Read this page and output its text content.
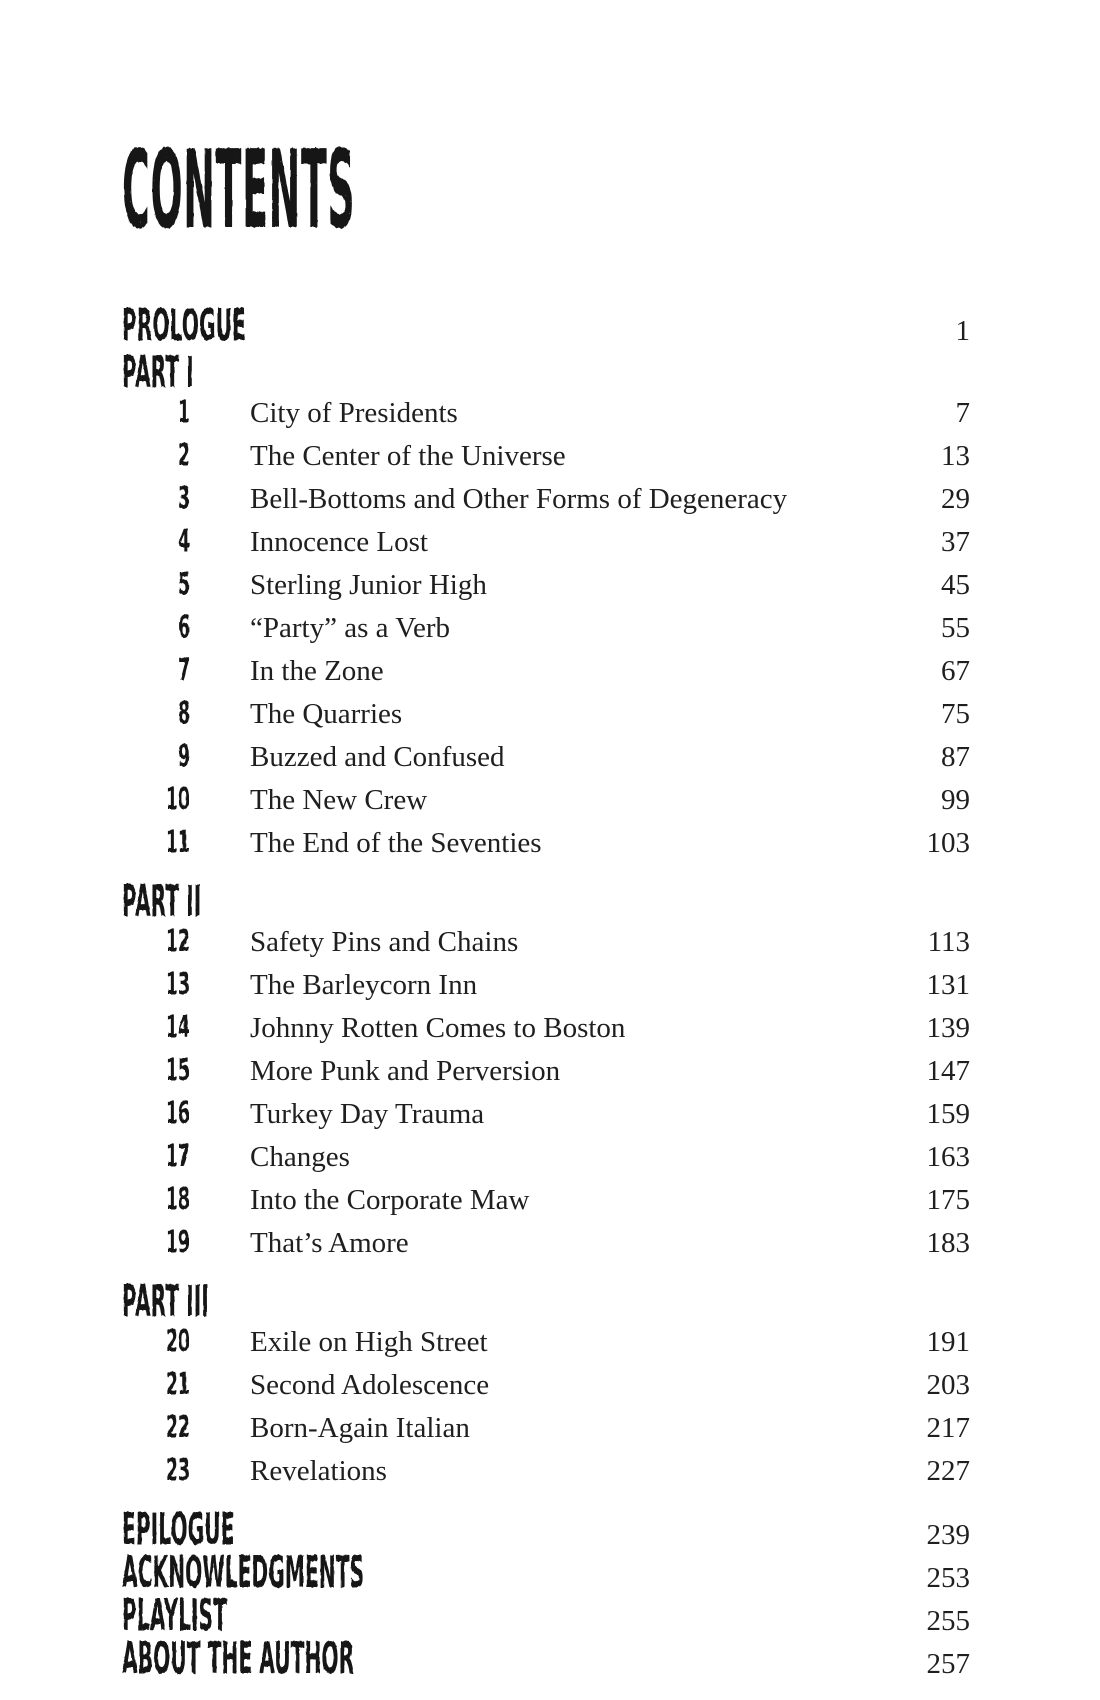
CONTENTS
PROLOGUE	1
PART I
1 City of Presidents	7
2 The Center of the Universe	13
3 Bell-Bottoms and Other Forms of Degeneracy	29
4 Innocence Lost	37
5 Sterling Junior High	45
6 “Party” as a Verb	55
7 In the Zone	67
8 The Quarries	75
9 Buzzed and Confused	87
10 The New Crew	99
11 The End of the Seventies	103
PART II
12 Safety Pins and Chains	113
13 The Barleycorn Inn	131
14 Johnny Rotten Comes to Boston	139
15 More Punk and Perversion	147
16 Turkey Day Trauma	159
17 Changes	163
18 Into the Corporate Maw	175
19 That’s Amore	183
PART III
20 Exile on High Street	191
21 Second Adolescence	203
22 Born-Again Italian	217
23 Revelations	227
EPILOGUE	239
ACKNOWLEDGMENTS	253
PLAYLIST	255
ABOUT THE AUTHOR	257
